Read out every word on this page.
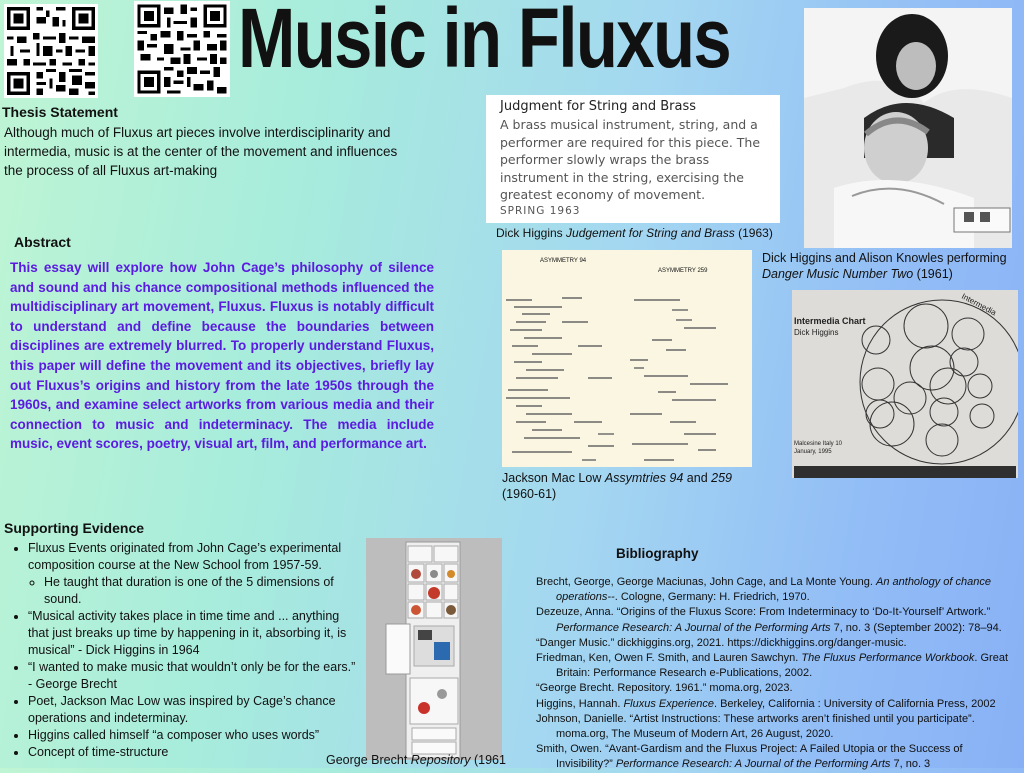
Music in Fluxus
Thesis Statement
Although much of Fluxus art pieces involve interdisciplinarity and intermedia, music is at the center of the movement and influences the process of all Fluxus art-making
Abstract
This essay will explore how John Cage’s philosophy of silence and sound and his chance compositional methods influenced the multidisciplinary art movement, Fluxus. Fluxus is notably difficult to understand and define because the boundaries between disciplines are extremely blurred. To properly understand Fluxus, this paper will define the movement and its objectives, briefly lay out Fluxus’s origins and history from the late 1950s through the 1960s, and examine select artworks from various media and their connection to music and indeterminacy. The media include music, event scores, poetry, visual art, film, and performance art.
Judgment for String and Brass
A brass musical instrument, string, and a performer are required for this piece. The performer slowly wraps the brass instrument in the string, exercising the greatest economy of movement.
SPRING 1963
Dick Higgins Judgement for String and Brass (1963)
Dick Higgins and Alison Knowles performing
Danger Music Number Two (1961)
ASYMMETRY 94
ASYMMETRY 259
Jackson Mac Low Assymtries 94 and 259
(1960-61)
Intermedia Chart
Dick Higgins
Intermedia
Malcesine Italy 10 January, 1995
Supporting Evidence
• Fluxus Events originated from John Cage’s experimental composition course at the New School from 1957-59.
◦ He taught that duration is one of the 5 dimensions of sound.
• “Musical activity takes place in time time and ... anything that just breaks up time by happening in it, absorbing it, is musical” - Dick Higgins in 1964
• “I wanted to make music that wouldn’t only be for the ears.” - George Brecht
• Poet, Jackson Mac Low was inspired by Cage’s chance operations and indeterminay.
• Higgins called himself “a composer who uses words”
• Concept of time-structure
George Brecht Repository (1961
Bibliography

Brecht, George, George Maciunas, John Cage, and La Monte Young. An anthology of chance operations--. Cologne, Germany: H. Friedrich, 1970.

Dezeuze, Anna. “Origins of the Fluxus Score: From Indeterminacy to ‘Do-It-Yourself’ Artwork.” Performance Research: A Journal of the Performing Arts 7, no. 3 (September 2002): 78–94.

“Danger Music.” dickhiggins.org, 2021. https://dickhiggins.org/danger-music.

Friedman, Ken, Owen F. Smith, and Lauren Sawchyn. The Fluxus Performance Workbook. Great Britain: Performance Research e-Publications, 2002.

“George Brecht. Repository. 1961.” moma.org, 2023.

Higgins, Hannah. Fluxus Experience. Berkeley, California : University of California Press, 2002

Johnson, Danielle. “Artist Instructions: These artworks aren’t finished until you participate”. moma.org, The Museum of Modern Art, 26 August, 2020.

Smith, Owen. “Avant-Gardism and the Fluxus Project: A Failed Utopia or the Success of Invisibility?” Performance Research: A Journal of the Performing Arts 7, no. 3
